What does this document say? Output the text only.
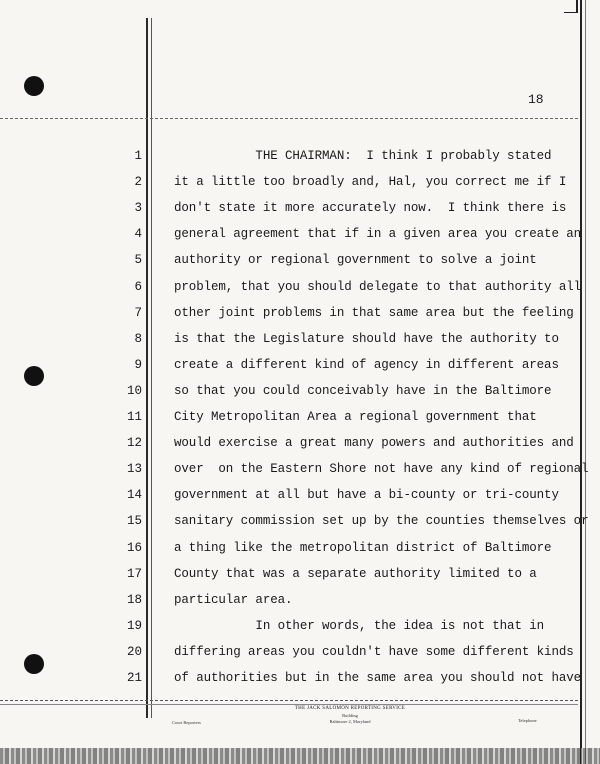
18
1	THE CHAIRMAN:  I think I probably stated
2	it a little too broadly and, Hal, you correct me if I
3	don't state it more accurately now.  I think there is
4	general agreement that if in a given area you create an
5	authority or regional government to solve a joint
6	problem, that you should delegate to that authority all
7	other joint problems in that same area but the feeling
8	is that the Legislature should have the authority to
9	create a different kind of agency in different areas
10	so that you could conceivably have in the Baltimore
11	City Metropolitan Area a regional government that
12	would exercise a great many powers and authorities and
13	over  on the Eastern Shore not have any kind of regional
14	government at all but have a bi-county or tri-county
15	sanitary commission set up by the counties themselves or
16	a thing like the metropolitan district of Baltimore
17	County that was a separate authority limited to a
18	particular area.
19	In other words, the idea is not that in
20	differing areas you couldn't have some different kinds
21	of authorities but in the same area you should not have
THE JACK SALOMON REPORTING SERVICE
Building
Baltimore 2, Maryland
Court Reporters	Telephone
